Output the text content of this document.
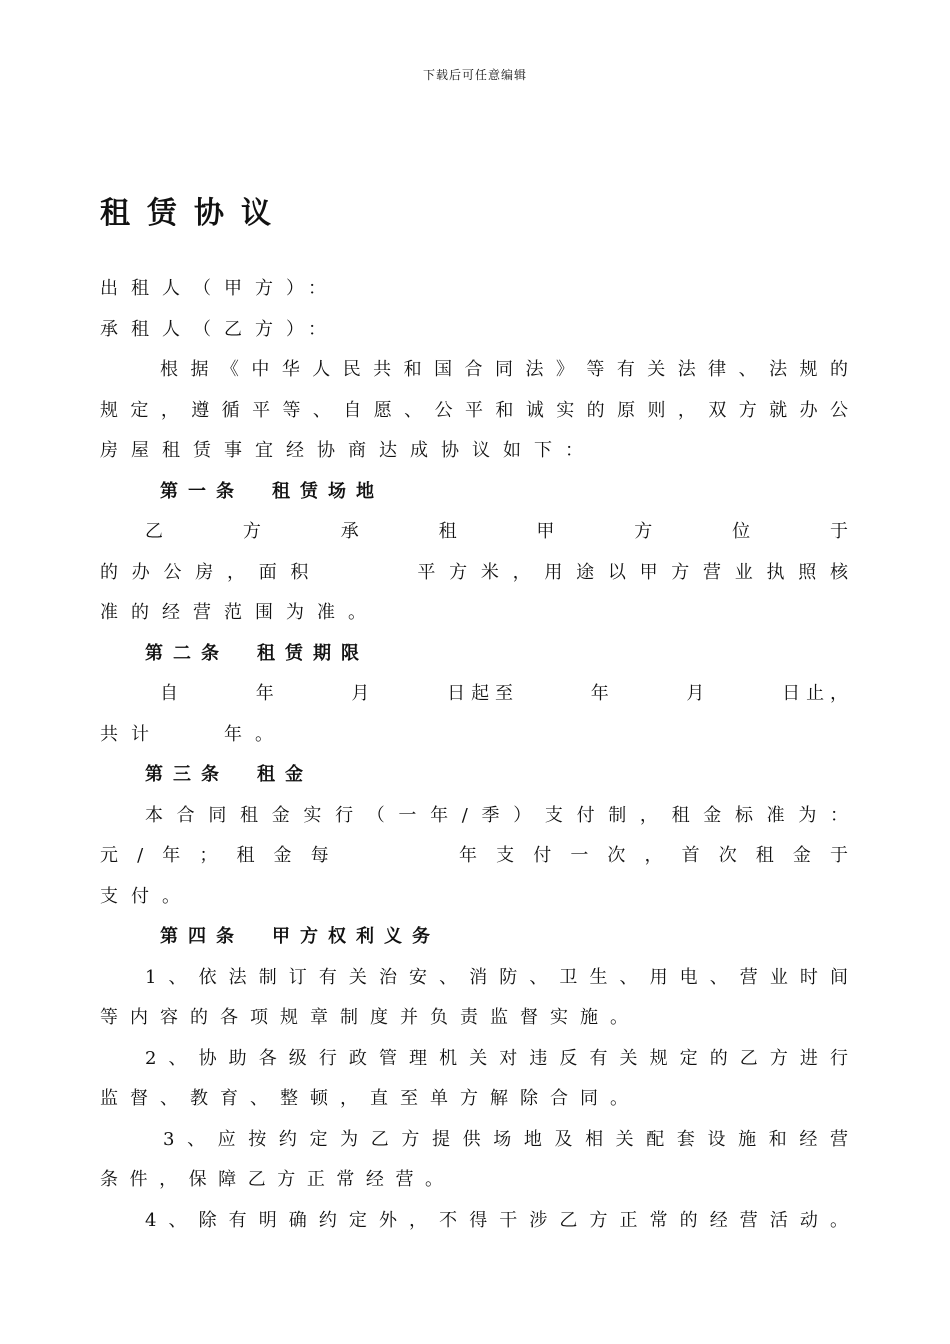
下载后可任意编辑
租赁协议
出租人（甲方）：
承租人（乙方）：
根据《中华人民共和国合同法》等有关法律、法规的
规定，遵循平等、自愿、公平和诚实的原则，双方就办公
房屋租赁事宜经协商达成协议如下：
第一条　租赁场地
乙　　方　　承　　租　　甲　　方　　位　　于
的办公房，面积　　　平方米，用途以甲方营业执照核
准的经营范围为准。
第二条　租赁期限
自　　　年　　　月　　　日起至　　　年　　　月　　　日止，
共计　　年。
第三条　租金
本合同租金实行（一年/季）支付制，租金标准为：
元/年；租金每　　　年支付一次，首次租金于
支付。
第四条　甲方权利义务
1、依法制订有关治安、消防、卫生、用电、营业时间
等内容的各项规章制度并负责监督实施。
2、协助各级行政管理机关对违反有关规定的乙方进行
监督、教育、整顿，直至单方解除合同。
3、应按约定为乙方提供场地及相关配套设施和经营
条件，保障乙方正常经营。
4、除有明确约定外，不得干涉乙方正常的经营活动。
